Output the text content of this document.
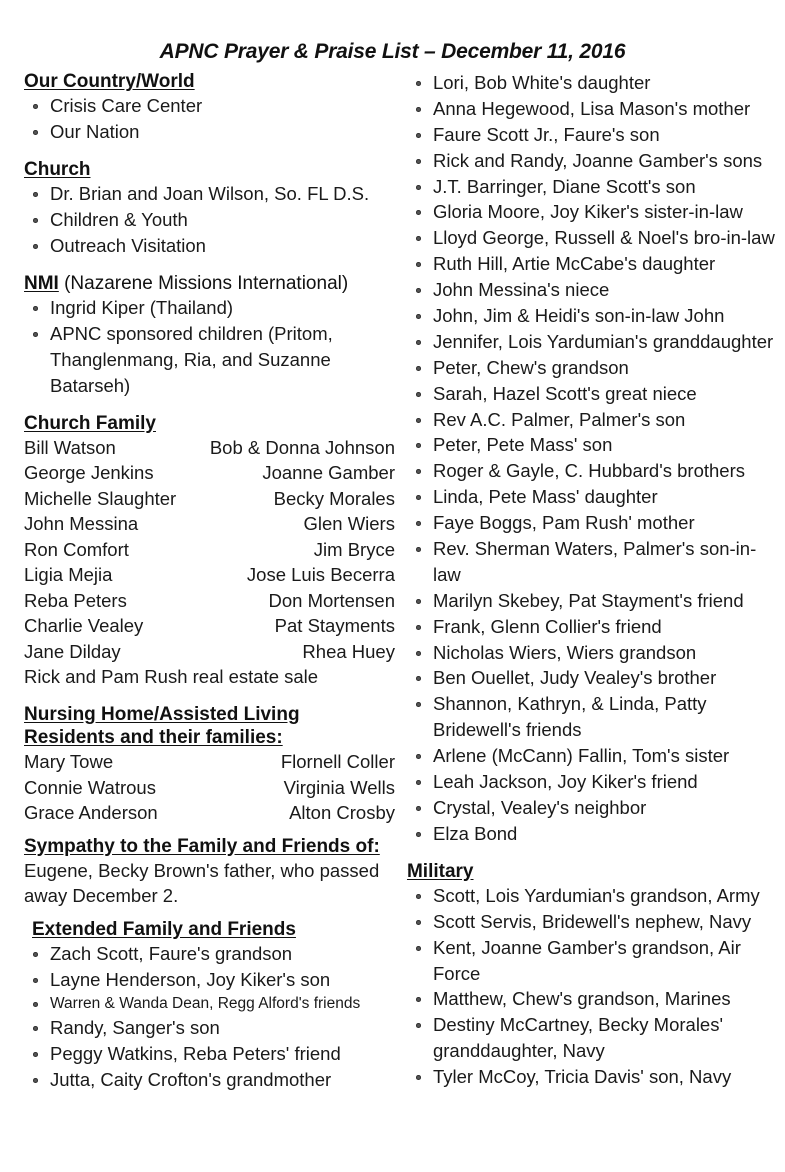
APNC Prayer & Praise List – December 11, 2016
Our Country/World
Crisis Care Center
Our Nation
Church
Dr. Brian and Joan Wilson, So. FL D.S.
Children & Youth
Outreach Visitation
NMI (Nazarene Missions International)
Ingrid Kiper (Thailand)
APNC sponsored children (Pritom, Thanglenmang, Ria, and Suzanne Batarseh)
Church Family
Bill Watson	Bob & Donna Johnson
George Jenkins	Joanne Gamber
Michelle Slaughter	Becky Morales
John Messina	Glen Wiers
Ron Comfort	Jim Bryce
Ligia Mejia	Jose Luis Becerra
Reba Peters	Don Mortensen
Charlie Vealey	Pat Stayments
Jane Dilday	Rhea Huey
Rick and Pam Rush real estate sale
Nursing Home/Assisted Living
Residents and their families:
Mary Towe	Flornell Coller
Connie Watrous	Virginia Wells
Grace Anderson	Alton Crosby
Sympathy to the Family and Friends of:

Eugene, Becky Brown's father, who passed away December 2.

Extended Family and Friends
Zach Scott, Faure's grandson
Layne Henderson, Joy Kiker's son
Warren & Wanda Dean, Regg Alford's friends
Randy, Sanger's son
Peggy Watkins, Reba Peters' friend
Jutta, Caity Crofton's grandmother
Lori, Bob White's daughter
Anna Hegewood, Lisa Mason's mother
Faure Scott Jr., Faure's son
Rick and Randy, Joanne Gamber's sons
J.T. Barringer, Diane Scott's son
Gloria Moore, Joy Kiker's sister-in-law
Lloyd George, Russell & Noel's bro-in-law
Ruth Hill, Artie McCabe's daughter
John Messina's niece
John, Jim & Heidi's son-in-law John
Jennifer, Lois Yardumian's granddaughter
Peter, Chew's grandson
Sarah, Hazel Scott's great niece
Rev A.C. Palmer, Palmer's son
Peter, Pete Mass' son
Roger & Gayle, C. Hubbard's brothers
Linda, Pete Mass' daughter
Faye Boggs, Pam Rush' mother
Rev. Sherman Waters, Palmer's son-in-law
Marilyn Skebey, Pat Stayment's friend
Frank, Glenn Collier's friend
Nicholas Wiers, Wiers grandson
Ben Ouellet, Judy Vealey's brother
Shannon, Kathryn, & Linda, Patty Bridewell's friends
Arlene (McCann) Fallin, Tom's sister
Leah Jackson, Joy Kiker's friend
Crystal, Vealey's neighbor
Elza Bond
Military
Scott, Lois Yardumian's grandson, Army
Scott Servis, Bridewell's nephew, Navy
Kent, Joanne Gamber's grandson, Air Force
Matthew, Chew's grandson, Marines
Destiny McCartney, Becky Morales' granddaughter, Navy
Tyler McCoy, Tricia Davis' son, Navy
